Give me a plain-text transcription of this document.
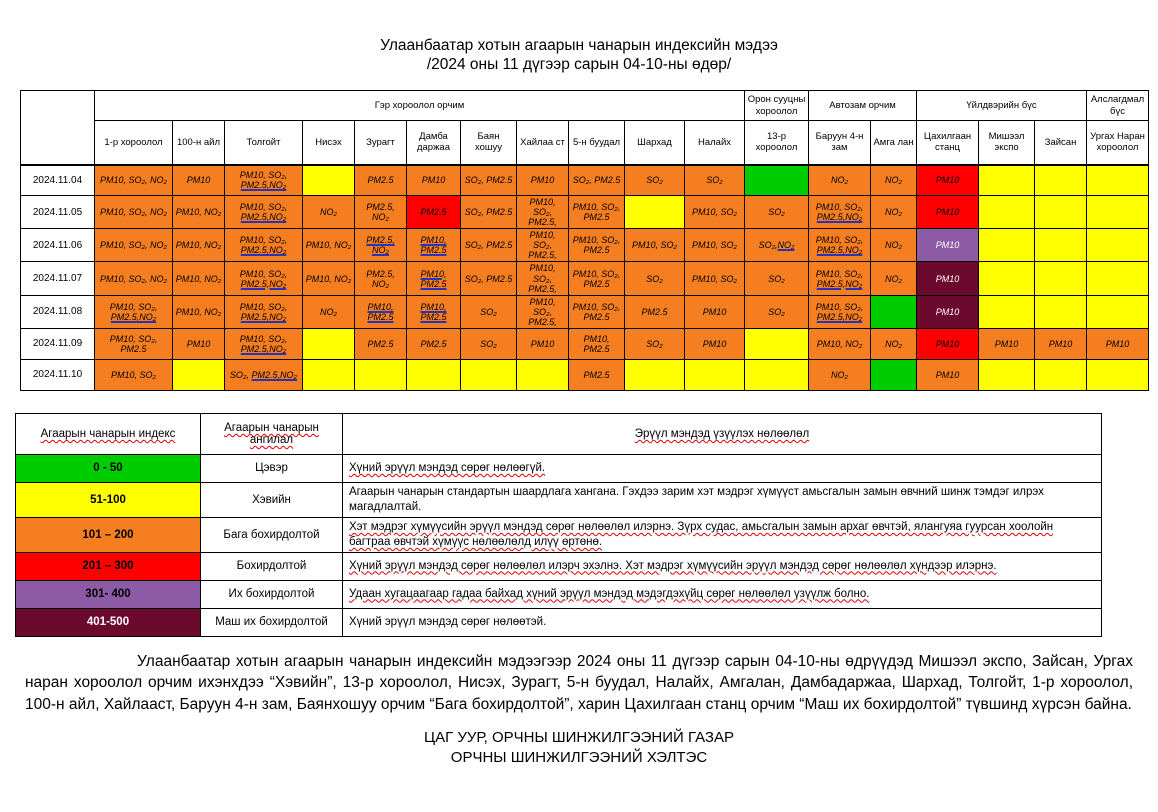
Улаанбаатар хотын агаарын чанарын индексийн мэдээ
/2024 оны 11 дүгээр сарын 04-10-ны өдөр/
	Гэр хороолол орчим											Орон сууцны хороолол	Автозам орчим		Үйлдвэрийн бүс			Алслагдмал бүс
	1-р хороолол	100-н айл	Толгойт	Нисэх	Зурагт	Дамба даржаа	Баян хошуу	Хайлаа ст	5-н буудал	Шархад	Налайх	13-р хороолол	Баруун 4-н зам	Амга лан	Цахилгаан станц	Мишээл экспо	Зайсан	Ургах Наран хороолол
2024.11.04	PM10, SO₂, NO₂	PM10	PM10, SO₂, PM2.5,NO₂		PM2.5	PM10	SO₂, PM2.5	PM10	SO₂, PM2.5	SO₂	SO₂		NO₂	NO₂	PM10			
2024.11.05	PM10, SO₂, NO₂	PM10, NO₂	PM10, SO₂, PM2.5,NO₂	NO₂	PM2.5, NO₂	PM2.5	SO₂, PM2.5	PM10, SO₂, PM2.5,	PM10, SO₂, PM2.5		PM10, SO₂	SO₂	PM10, SO₂, PM2.5,NO₂	NO₂	PM10			
2024.11.06	PM10, SO₂, NO₂	PM10, NO₂	PM10, SO₂, PM2.5,NO₂	PM10, NO₂	PM2.5, NO₂	PM10, PM2.5	SO₂, PM2.5	PM10, SO₂, PM2.5,	PM10, SO₂, PM2.5	PM10, SO₂	PM10, SO₂	SO₂,NO₂	PM10, SO₂, PM2.5,NO₂	NO₂	PM10			
2024.11.07	PM10, SO₂, NO₂	PM10, NO₂	PM10, SO₂, PM2.5,NO₂	PM10, NO₂	PM2.5, NO₂	PM10, PM2.5	SO₂, PM2.5	PM10, SO₂, PM2.5,	PM10, SO₂, PM2.5	SO₂	PM10, SO₂	SO₂	PM10, SO₂, PM2.5,NO₂	NO₂	PM10			
2024.11.08	PM10, SO₂, PM2.5,NO₂	PM10, NO₂	PM10, SO₂, PM2.5,NO₂	NO₂	PM10, PM2.5	PM10, PM2.5	SO₂	PM10, SO₂, PM2.5,	PM10, SO₂, PM2.5	PM2.5	PM10	SO₂	PM10, SO₂, PM2.5,NO₂		PM10			
2024.11.09	PM10, SO₂, PM2.5	PM10	PM10, SO₂, PM2.5,NO₂		PM2.5	PM2.5	SO₂	PM10	PM10, PM2.5	SO₂	PM10		PM10, NO₂	NO₂	PM10	PM10	PM10	PM10
2024.11.10	PM10, SO₂		SO₂, PM2.5,NO₂						PM2.5				NO₂		PM10			
Агаарын чанарын индекс	Агаарын чанарын ангилал	Эрүүл мэндэд үзүүлэх нөлөөлөл
0 - 50	Цэвэр	Хүний эрүүл мэндэд сөрөг нөлөөгүй.
51-100	Хэвийн	Агаарын чанарын стандартын шаардлага хангана. Гэхдээ зарим хэт мэдрэг хүмүүст амьсгалын замын өвчний шинж тэмдэг илрэх магадлалтай.
101 – 200	Бага бохирдолтой	Хэт мэдрэг хүмүүсийн эрүүл мэндэд сөрөг нөлөөлөл илэрнэ. Зүрх судас, амьсгалын замын архаг өвчтэй, ялангуяа гуурсан хоолойн багтраа өвчтэй хүмүүс нөлөөлөлд илүү өртөнө.
201 – 300	Бохирдолтой	Хүний эрүүл мэндэд сөрөг нөлөөлөл илэрч эхэлнэ. Хэт мэдрэг хүмүүсийн эрүүл мэндэд сөрөг нөлөөлөл хүндээр илэрнэ.
301- 400	Их бохирдолтой	Удаан хугацаагаар гадаа байхад хүний эрүүл мэндэд мэдэгдэхүйц сөрөг нөлөөлөл үзүүлж болно.
401-500	Маш их бохирдолтой	Хүний эрүүл мэндэд сөрөг нөлөөтэй.

Улаанбаатар хотын агаарын чанарын индексийн мэдээгээр 2024 оны 11 дүгээр сарын 04-10-ны өдрүүдэд Мишээл экспо, Зайсан, Ургах наран хороолол орчим ихэнхдээ “Хэвийн”, 13-р хороолол, Нисэх, Зурагт, 5-н буудал, Налайх, Амгалан, Дамбадаржаа, Шархад, Толгойт, 1-р хороолол, 100-н айл, Хайлааст, Баруун 4-н зам, Баянхошуу орчим “Бага бохирдолтой”, харин Цахилгаан станц орчим “Маш их бохирдолтой” түвшинд хүрсэн байна.

ЦАГ УУР, ОРЧНЫ ШИНЖИЛГЭЭНИЙ ГАЗАР
ОРЧНЫ ШИНЖИЛГЭЭНИЙ ХЭЛТЭС
